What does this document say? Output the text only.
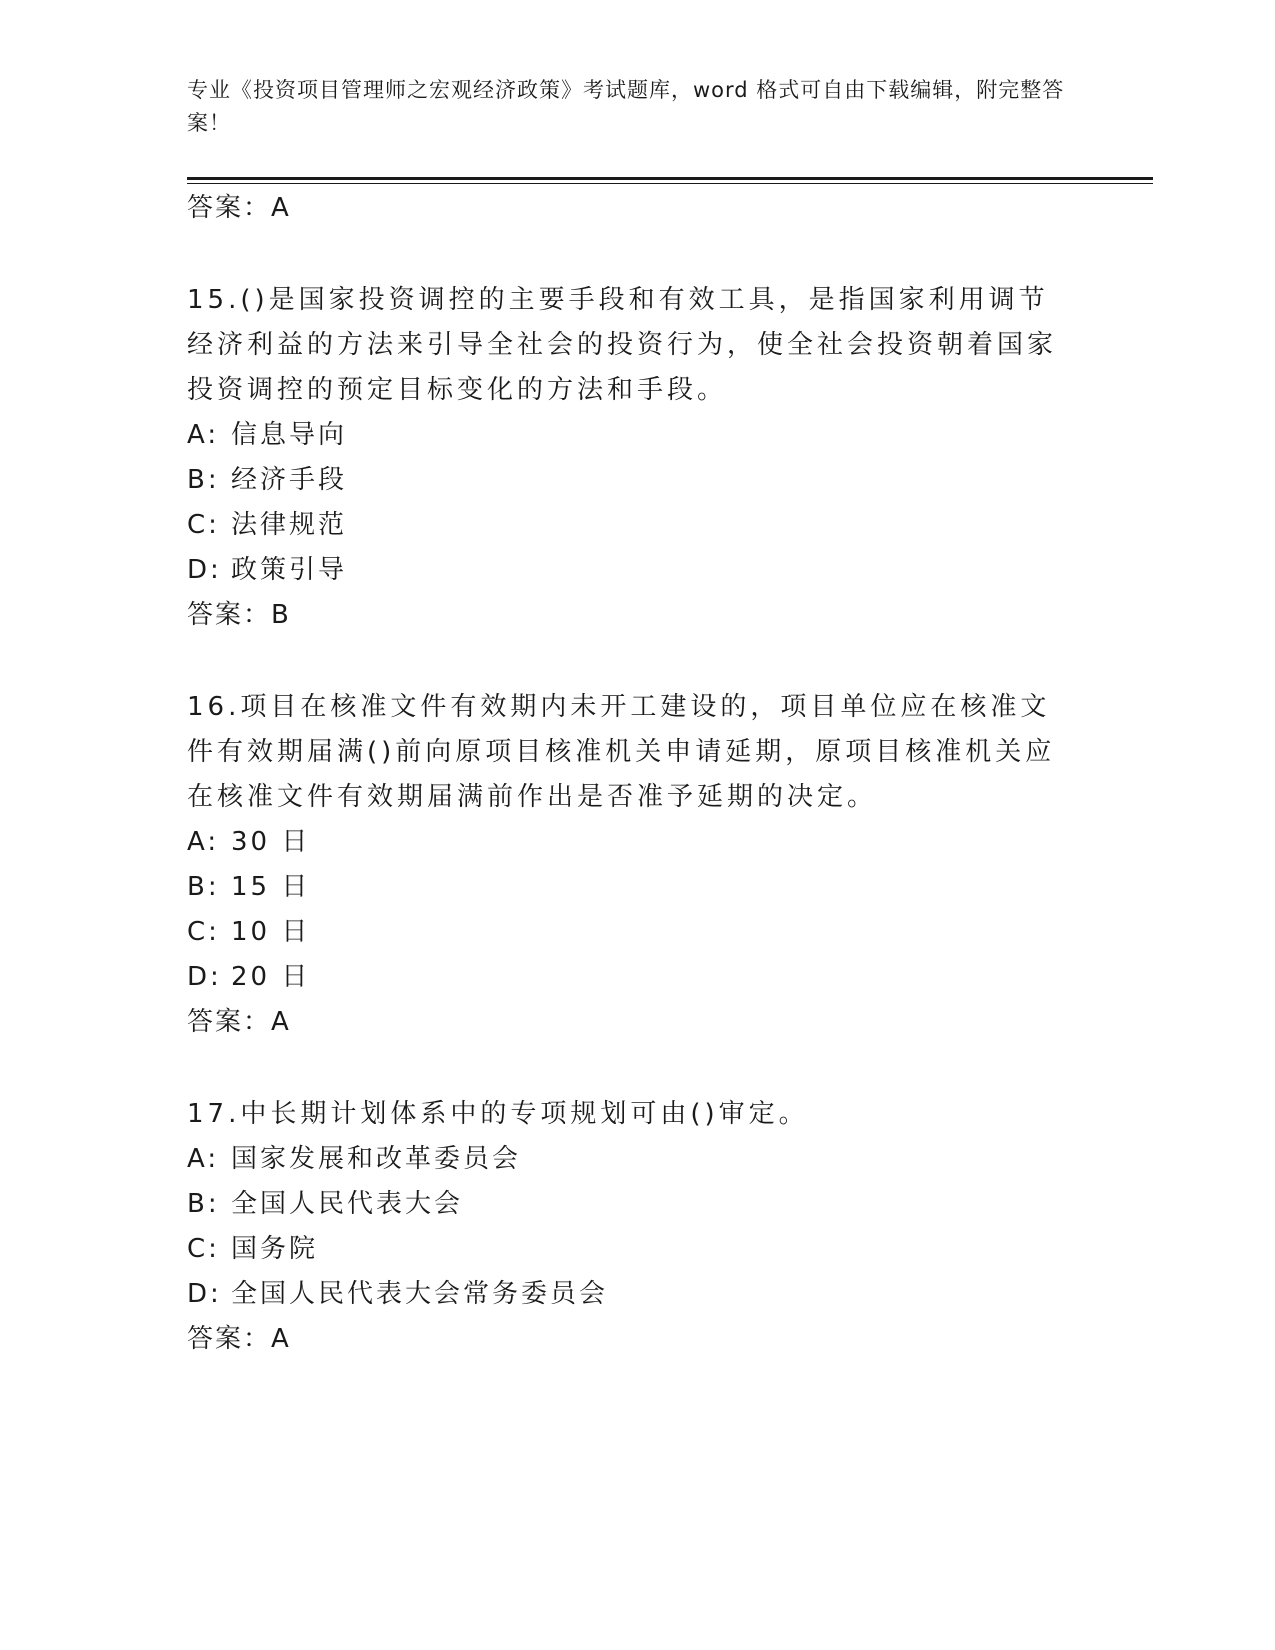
专业《投资项目管理师之宏观经济政策》考试题库，word 格式可自由下载编辑，附完整答案！
答案：A
15.()是国家投资调控的主要手段和有效工具，是指国家利用调节经济利益的方法来引导全社会的投资行为，使全社会投资朝着国家投资调控的预定目标变化的方法和手段。
A: 信息导向
B: 经济手段
C: 法律规范
D: 政策引导
答案：B
16.项目在核准文件有效期内未开工建设的，项目单位应在核准文件有效期届满()前向原项目核准机关申请延期，原项目核准机关应在核准文件有效期届满前作出是否准予延期的决定。
A: 30 日
B: 15 日
C: 10 日
D: 20 日
答案：A
17.中长期计划体系中的专项规划可由()审定。
A: 国家发展和改革委员会
B: 全国人民代表大会
C: 国务院
D: 全国人民代表大会常务委员会
答案：A
